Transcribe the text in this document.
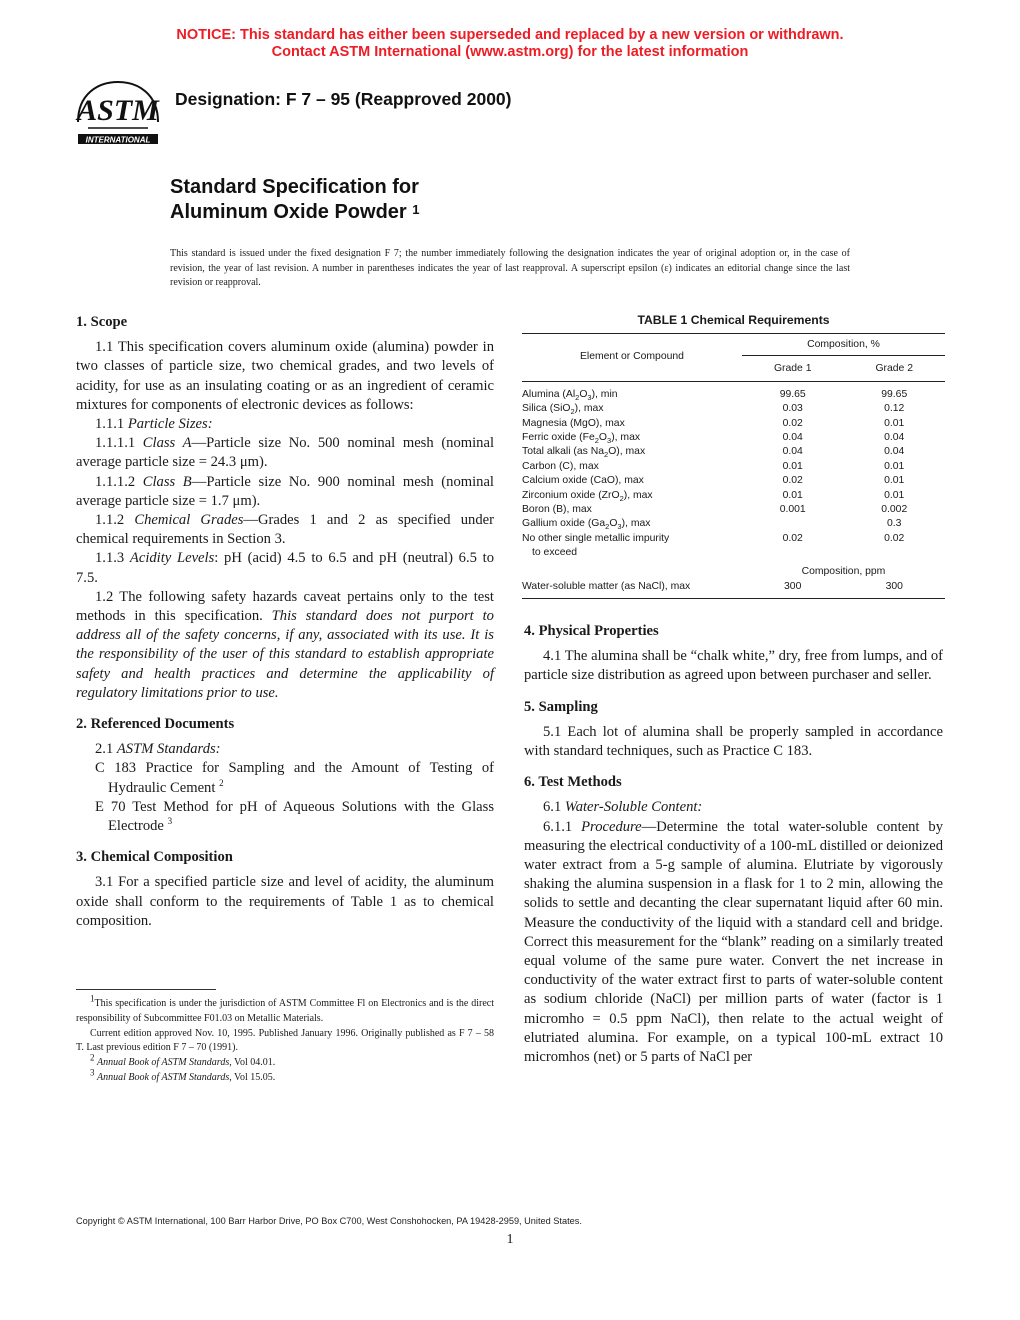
NOTICE: This standard has either been superseded and replaced by a new version or withdrawn.
Contact ASTM International (www.astm.org) for the latest information
ASTM
INTERNATIONAL
Designation: F 7 – 95 (Reapproved 2000)
Standard Specification for
Aluminum Oxide Powder $^1$
This standard is issued under the fixed designation F 7; the number immediately following the designation indicates the year of original adoption or, in the case of revision, the year of last revision. A number in parentheses indicates the year of last reapproval. A superscript epsilon (ε) indicates an editorial change since the last revision or reapproval.
1. Scope

1.1 This specification covers aluminum oxide (alumina) powder in two classes of particle size, two chemical grades, and two levels of acidity, for use as an insulating coating or as an ingredient of ceramic mixtures for components of electronic devices as follows:

1.1.1 Particle Sizes:

1.1.1.1 Class A—Particle size No. 500 nominal mesh (nominal average particle size = 24.3 μm).

1.1.1.2 Class B—Particle size No. 900 nominal mesh (nominal average particle size = 1.7 μm).

1.1.2 Chemical Grades—Grades 1 and 2 as specified under chemical requirements in Section 3.

1.1.3 Acidity Levels: pH (acid) 4.5 to 6.5 and pH (neutral) 6.5 to 7.5.

1.2 The following safety hazards caveat pertains only to the test methods in this specification. This standard does not purport to address all of the safety concerns, if any, associated with its use. It is the responsibility of the user of this standard to establish appropriate safety and health practices and determine the applicability of regulatory limitations prior to use.

2. Referenced Documents

2.1 ASTM Standards:

C 183 Practice for Sampling and the Amount of Testing of Hydraulic Cement $^2$

E 70 Test Method for pH of Aqueous Solutions with the Glass Electrode $^3$

3. Chemical Composition

3.1 For a specified particle size and level of acidity, the aluminum oxide shall conform to the requirements of Table 1 as to chemical composition.

$^1$This specification is under the jurisdiction of ASTM Committee Fl on Electronics and is the direct responsibility of Subcommittee F01.03 on Metallic Materials.

Current edition approved Nov. 10, 1995. Published January 1996. Originally published as F 7 – 58 T. Last previous edition F 7 – 70 (1991).

$^2$ Annual Book of ASTM Standards, Vol 04.01.

$^3$ Annual Book of ASTM Standards, Vol 15.05.

TABLE 1 Chemical Requirements
Element or Compound	Composition, %	
	Grade 1	Grade 2
Alumina $(Al_2O_3)$, min	99.65	99.65
Silica (SiO$_2$), max	0.03	0.12
Magnesia (MgO), max	0.02	0.01
Ferric oxide $(Fe_2O_3)$, max	0.04	0.04
Total alkali (as $Na_2O$), max	0.04	0.04
Carbon (C), max	0.01	0.01
Calcium oxide (CaO), max	0.02	0.01
Zirconium oxide (ZrO$_2$), max	0.01	0.01
Boron (B), max	0.001	0.002
Gallium oxide $(Ga_2O_3)$, max		0.3
No other single metallic impurity
to exceed	0.02	0.02
	Composition, ppm	
Water-soluble matter (as NaCl), max	300	300
4. Physical Properties

4.1 The alumina shall be “chalk white,” dry, free from lumps, and of particle size distribution as agreed upon between purchaser and seller.

5. Sampling

5.1 Each lot of alumina shall be properly sampled in accordance with standard techniques, such as Practice C 183.

6. Test Methods

6.1 Water-Soluble Content:

6.1.1 Procedure—Determine the total water-soluble content by measuring the electrical conductivity of a 100-mL distilled or deionized water extract from a 5-g sample of alumina. Elutriate by vigorously shaking the alumina suspension in a flask for 1 to 2 min, allowing the solids to settle and decanting the clear supernatant liquid after 60 min. Measure the conductivity of the liquid with a standard cell and bridge. Correct this measurement for the “blank” reading on a similarly treated equal volume of the same pure water. Convert the net increase in conductivity of the water extract first to parts of water-soluble content as sodium chloride (NaCl) per million parts of water (factor is 1 micromho = 0.5 ppm NaCl), then relate to the actual weight of elutriated alumina. For example, on a typical 100-mL extract 10 micromhos (net) or 5 parts of NaCl per

Copyright © ASTM International, 100 Barr Harbor Drive, PO Box C700, West Conshohocken, PA 19428-2959, United States.
1
